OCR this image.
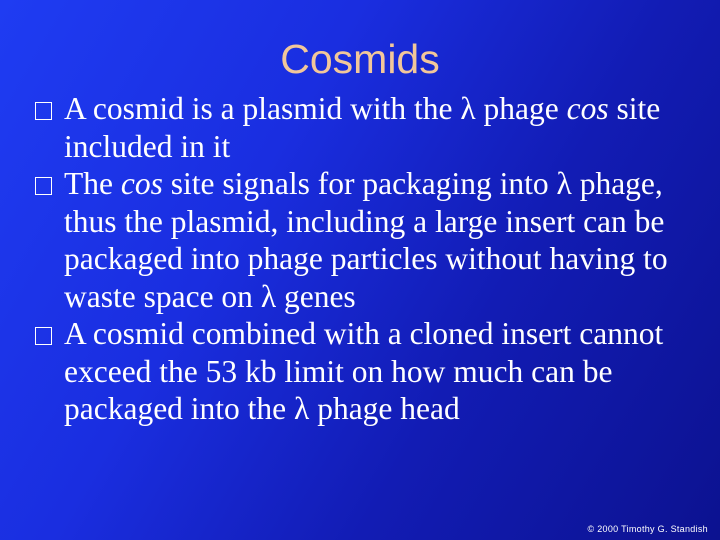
Cosmids
A cosmid is a plasmid with the λ phage cos site included in it
The cos site signals for packaging into λ phage, thus the plasmid, including a large insert can be packaged into phage particles without having to waste space on λ genes
A cosmid combined with a cloned insert cannot exceed the 53 kb limit on how much can be packaged into the λ phage head
© 2000 Timothy G. Standish
